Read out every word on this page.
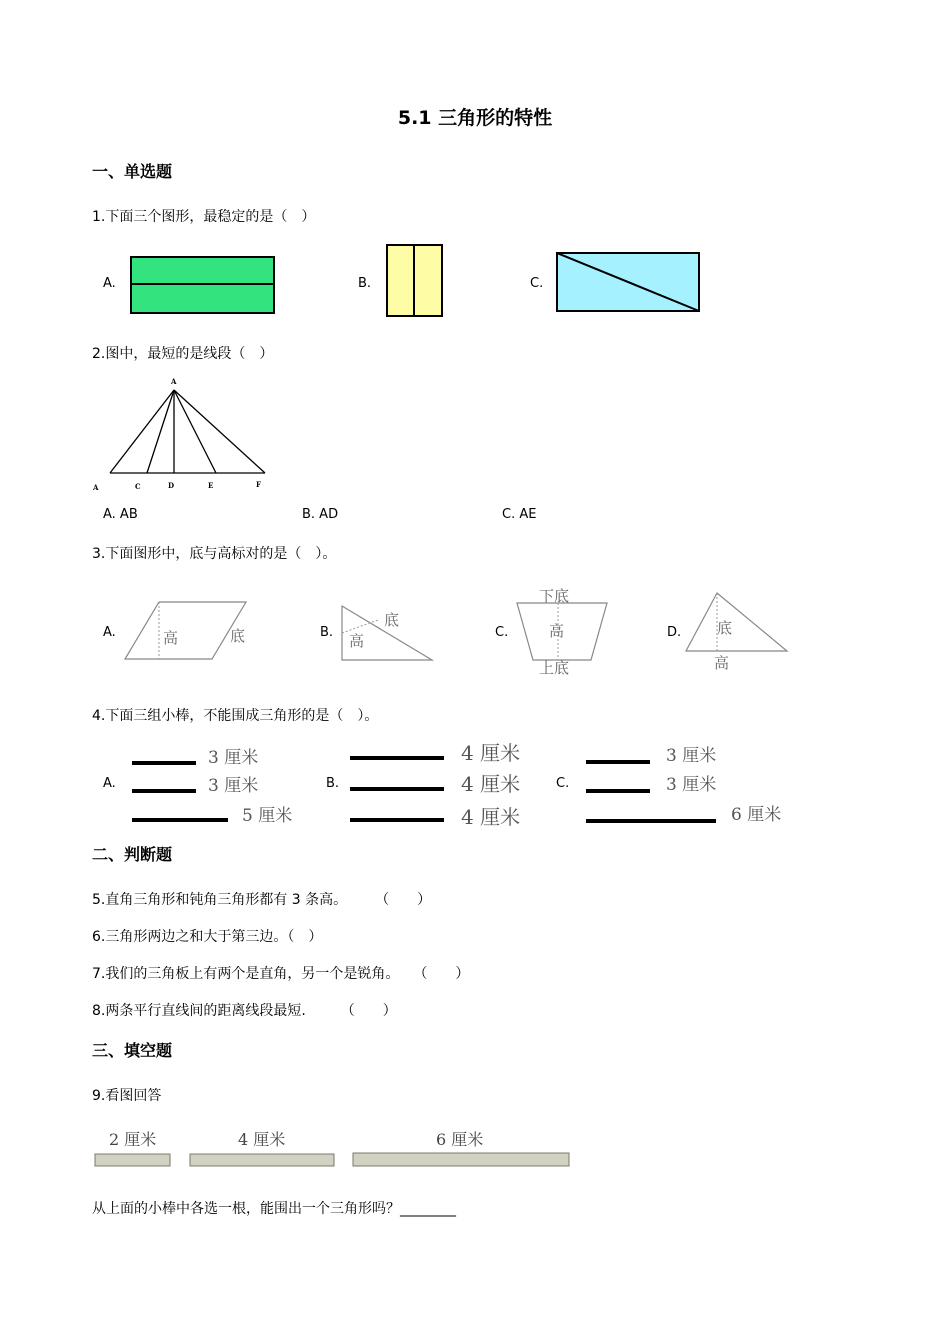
5.1 三角形的特性
一、单选题
1.下面三个图形，最稳定的是（　）
A.	B.	C.
2.图中，最短的是线段（　）
A
A	C	D	E	F
A. AB	B. AD	C. AE
3.下面图形中，底与高标对的是（　）。
A.	B.	C.	D.
高	底
底
高
下底
高
上底
底
高
4.下面三组小棒，不能围成三角形的是（　）。
A.	B.	C.
3 厘米
3 厘米
5 厘米
4 厘米
4 厘米
4 厘米
3 厘米
3 厘米
6 厘米
二、判断题
5.直角三角形和钝角三角形都有 3 条高。　　　（　　）
6.三角形两边之和大于第三边。（　）
7.我们的三角板上有两个是直角，另一个是锐角。　　（　　）
8.两条平行直线间的距离线段最短.　　　（　　）
三、填空题
9.看图回答
2 厘米	4 厘米	6 厘米
从上面的小棒中各选一根，能围出一个三角形吗？________
